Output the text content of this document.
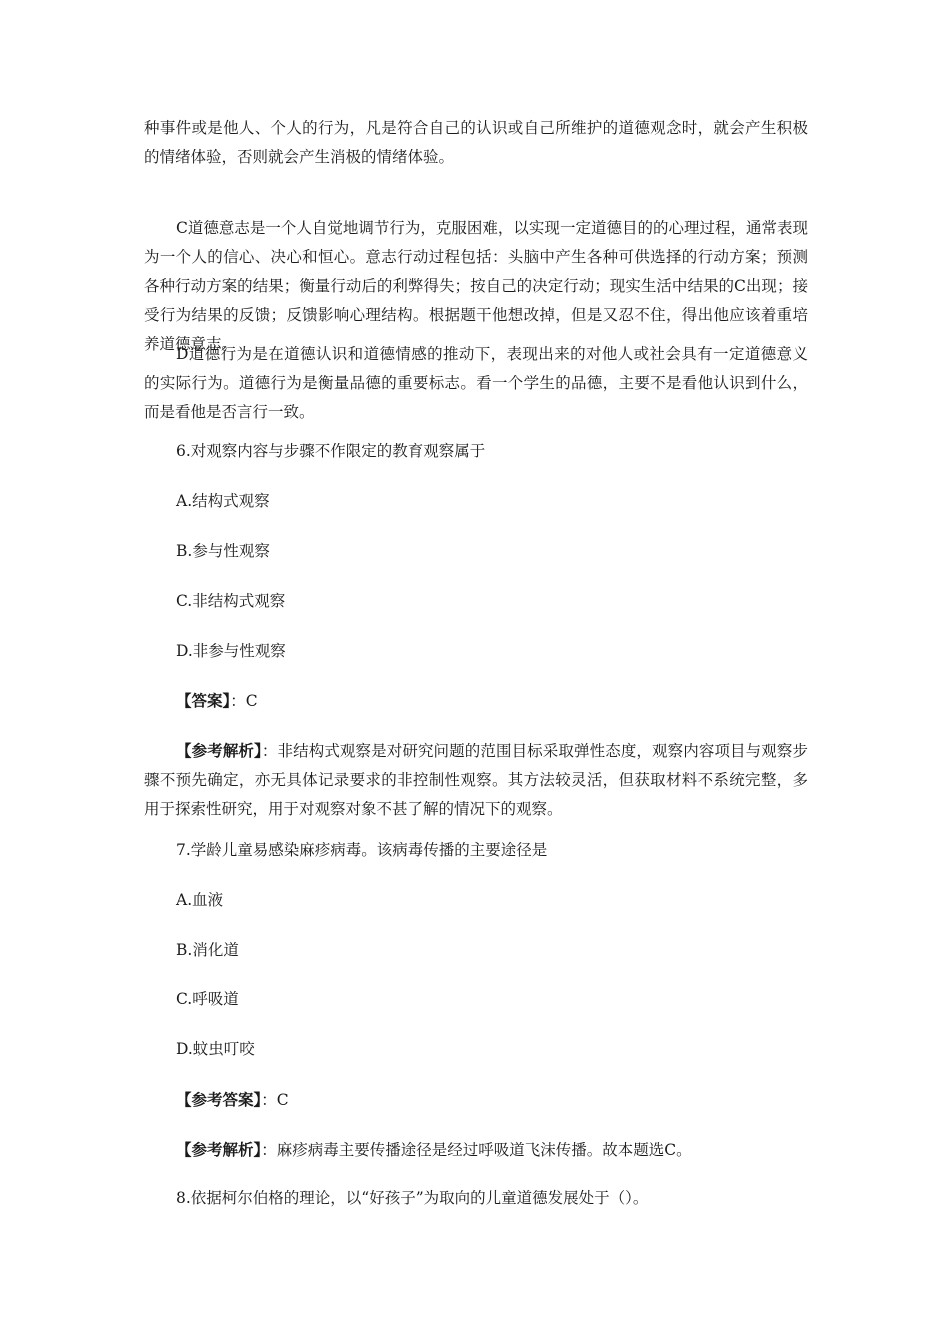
种事件或是他人、个人的行为，凡是符合自己的认识或自己所维护的道德观念时，就会产生积极的情绪体验，否则就会产生消极的情绪体验。

C道德意志是一个人自觉地调节行为，克服困难，以实现一定道德目的的心理过程，通常表现为一个人的信心、决心和恒心。意志行动过程包括：头脑中产生各种可供选择的行动方案；预测各种行动方案的结果；衡量行动后的利弊得失；按自己的决定行动；现实生活中结果的C出现；接受行为结果的反馈；反馈影响心理结构。根据题干他想改掉，但是又忍不住，得出他应该着重培养道德意志。

D道德行为是在道德认识和道德情感的推动下，表现出来的对他人或社会具有一定道德意义的实际行为。道德行为是衡量品德的重要标志。看一个学生的品德，主要不是看他认识到什么，而是看他是否言行一致。

6.对观察内容与步骤不作限定的教育观察属于

A.结构式观察

B.参与性观察

C.非结构式观察

D.非参与性观察

【答案】：C

【参考解析】：非结构式观察是对研究问题的范围目标采取弹性态度，观察内容项目与观察步骤不预先确定，亦无具体记录要求的非控制性观察。其方法较灵活，但获取材料不系统完整，多用于探索性研究，用于对观察对象不甚了解的情况下的观察。

7.学龄儿童易感染麻疹病毒。该病毒传播的主要途径是

A.血液

B.消化道

C.呼吸道

D.蚊虫叮咬

【参考答案】：C

【参考解析】：麻疹病毒主要传播途径是经过呼吸道飞沫传播。故本题选C。

8.依据柯尔伯格的理论，以“好孩子”为取向的儿童道德发展处于（）。
